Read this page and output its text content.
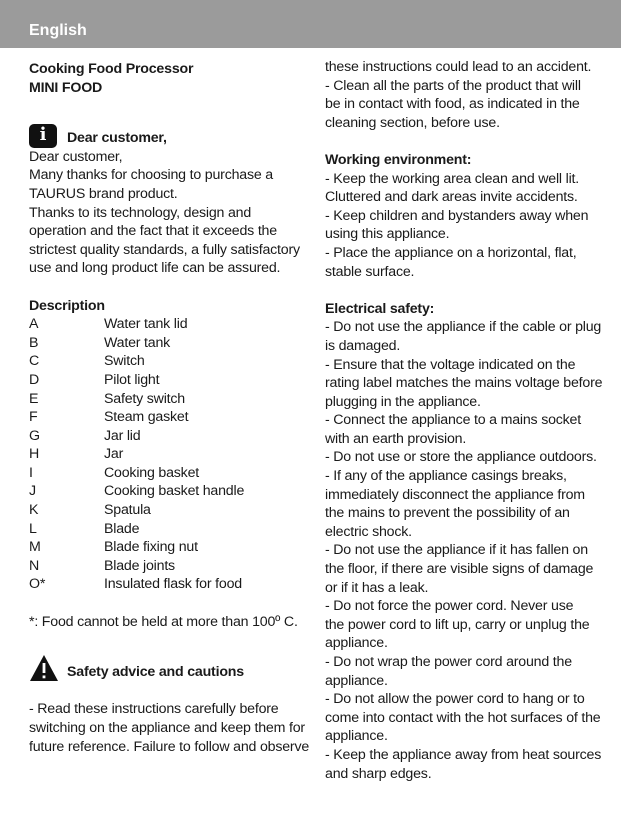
English
Cooking Food Processor
MINI FOOD
i	Dear customer,
Dear customer,
Many thanks for choosing to purchase a
TAURUS brand product.
Thanks to its technology, design and
operation and the fact that it exceeds the
strictest quality standards, a fully satisfactory
use and long product life can be assured.
Description
A	Water tank lid
B	Water tank
C	Switch
D	Pilot light
E	Safety switch
F	Steam gasket
G	Jar lid
H	Jar
I	Cooking basket
J	Cooking basket handle
K	Spatula
L	Blade
M	Blade fixing nut
N	Blade joints
O*	Insulated flask for food
*: Food cannot be held at more than 100º C.
Safety advice and cautions
- Read these instructions carefully before
switching on the appliance and keep them for
future reference. Failure to follow and observe
these instructions could lead to an accident.
- Clean all the parts of the product that will
be in contact with food, as indicated in the
cleaning section, before use.
Working environment:
- Keep the working area clean and well lit.
Cluttered and dark areas invite accidents.
- Keep children and bystanders away when
using this appliance.
- Place the appliance on a horizontal, flat,
stable surface.
Electrical safety:
- Do not use the appliance if the cable or plug
is damaged.
- Ensure that the voltage indicated on the
rating label matches the mains voltage before
plugging in the appliance.
- Connect the appliance to a mains socket
with an earth provision.
- Do not use or store the appliance outdoors.
- If any of the appliance casings breaks,
immediately disconnect the appliance from
the mains to prevent the possibility of an
electric shock.
- Do not use the appliance if it has fallen on
the floor, if there are visible signs of damage
or if it has a leak.
- Do not force the power cord. Never use
the power cord to lift up, carry or unplug the
appliance.
- Do not wrap the power cord around the
appliance.
- Do not allow the power cord to hang or to
come into contact with the hot surfaces of the
appliance.
- Keep the appliance away from heat sources
and sharp edges.
